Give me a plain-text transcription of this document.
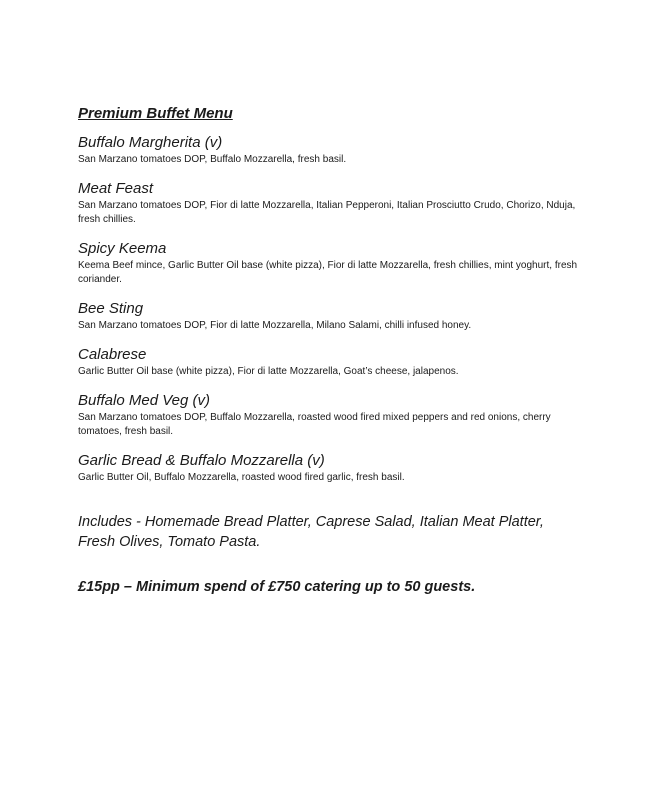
Premium Buffet Menu
Buffalo Margherita (v)

San Marzano tomatoes DOP, Buffalo Mozzarella, fresh basil.

Meat Feast

San Marzano tomatoes DOP, Fior di latte Mozzarella, Italian Pepperoni, Italian Prosciutto Crudo, Chorizo, Nduja, fresh chillies.

Spicy Keema

Keema Beef mince, Garlic Butter Oil base (white pizza), Fior di latte Mozzarella, fresh chillies, mint yoghurt, fresh coriander.

Bee Sting

San Marzano tomatoes DOP, Fior di latte Mozzarella, Milano Salami, chilli infused honey.

Calabrese

Garlic Butter Oil base (white pizza), Fior di latte Mozzarella, Goat’s cheese, jalapenos.

Buffalo Med Veg (v)

San Marzano tomatoes DOP, Buffalo Mozzarella, roasted wood fired mixed peppers and red onions, cherry tomatoes, fresh basil.

Garlic Bread & Buffalo Mozzarella (v)

Garlic Butter Oil, Buffalo Mozzarella, roasted wood fired garlic, fresh basil.

Includes - Homemade Bread Platter, Caprese Salad, Italian Meat Platter, Fresh Olives, Tomato Pasta.

£15pp – Minimum spend of £750 catering up to 50 guests.
